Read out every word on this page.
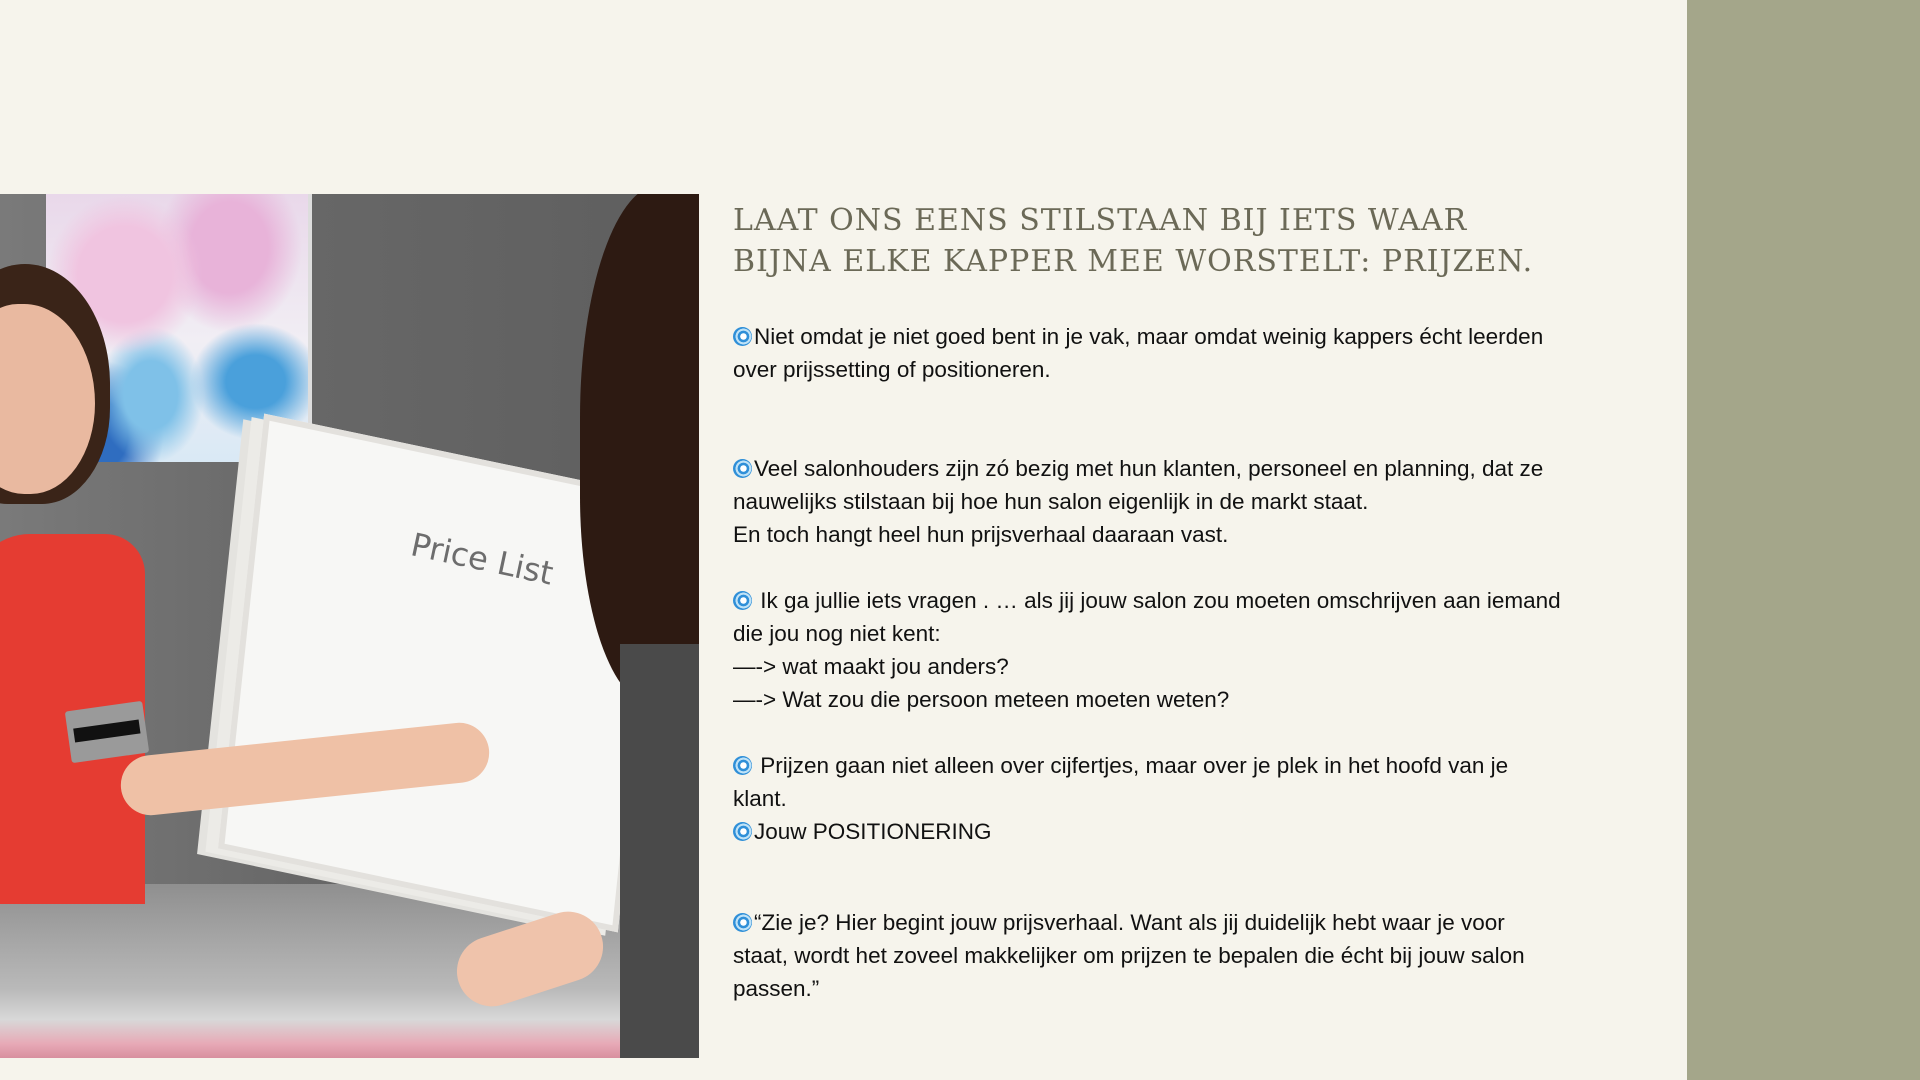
Price List
LAAT ONS EENS STILSTAAN BIJ IETS WAAR BIJNA ELKE KAPPER MEE WORSTELT: PRIJZEN.

Niet omdat je niet goed bent in je vak, maar omdat weinig kappers écht leerden over prijssetting of positioneren.

Veel salonhouders zijn zó bezig met hun klanten, personeel en planning, dat ze nauwelijks stilstaan bij hoe hun salon eigenlijk in de markt staat.

En toch hangt heel hun prijsverhaal daaraan vast.

Ik ga jullie iets vragen . … als jij jouw salon zou moeten omschrijven aan iemand die jou nog niet kent:

—-> wat maakt jou anders?

—-> Wat zou die persoon meteen moeten weten?

Prijzen gaan niet alleen over cijfertjes, maar over je plek in het hoofd van je klant.

Jouw POSITIONERING

“Zie je? Hier begint jouw prijsverhaal. Want als jij duidelijk hebt waar je voor staat, wordt het zoveel makkelijker om prijzen te bepalen die écht bij jouw salon passen.”
